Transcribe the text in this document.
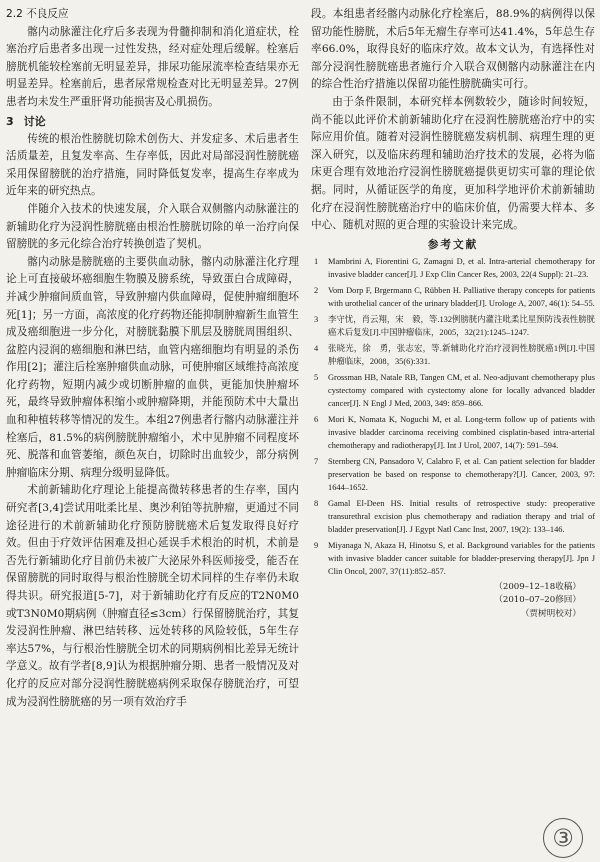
2.2 不良反应

髂内动脉灌注化疗后多表现为骨髓抑制和消化道症状，栓塞治疗后患者多出现一过性发热，经对症处理后缓解。栓塞后膀胱机能较栓塞前无明显差异，排尿功能尿流率检查结果亦无明显差异。栓塞前后，患者尿常规检查对比无明显差异。27例患者均未发生严重肝肾功能损害及心肌损伤。

3 讨论

传统的根治性膀胱切除术创伤大、并发症多、术后患者生活质量差，且复发率高、生存率低，因此对局部浸润性膀胱癌采用保留膀胱的治疗措施，同时降低复发率，提高生存率成为近年来的研究热点。

伴随介入技术的快速发展，介入联合双侧髂内动脉灌注的新辅助化疗为浸润性膀胱癌由根治性膀胱切除的单一治疗向保留膀胱的多元化综合治疗转换创造了契机。

髂内动脉是膀胱癌的主要供血动脉，髂内动脉灌注化疗理论上可直接破坏癌细胞生物膜及膀系统，导致蛋白合成障碍，并减少肿瘤间质血管，导致肿瘤内供血障碍，促使肿瘤细胞坏死[1]；另一方面，高浓度的化疗药物还能抑制肿瘤新生血管生成及癌细胞进一步分化，对膀胱黏膜下肌层及膀胱周围组织、盆腔内浸润的癌细胞和淋巴结，血管内癌细胞均有明显的杀伤作用[2]；灌注后栓塞肿瘤供血动脉，可使肿瘤区域维持高浓度化疗药物，短期内减少或切断肿瘤的血供，更能加快肿瘤坏死，最终导致肿瘤体积缩小或肿瘤降期，并能预防术中大量出血和种植转移等情况的发生。本组27例患者行髂内动脉灌注并栓塞后，81.5%的病例膀胱肿瘤缩小，术中见肿瘤不同程度坏死、脱落和血管萎缩，颜色灰白，切除时出血较少，部分病例肿瘤临床分期、病理分级明显降低。

术前新辅助化疗理论上能提高微转移患者的生存率，国内研究者[3,4]尝试用吡柔比星、奥沙利铂等抗肿瘤，更通过不同途径进行的术前新辅助化疗预防膀胱癌术后复发取得良好疗效。但由于疗效评估困难及担心延误手术根治的时机，术前是否先行新辅助化疗目前仍未被广大泌尿外科医师接受，能否在保留膀胱的同时取得与根治性膀胱全切术同样的生存率仍未取得共识。研究报道[5-7]，对于新辅助化疗有反应的T2N0M0或T3N0M0期病例（肿瘤直径≤3cm）行保留膀胱治疗，其复发浸润性肿瘤、淋巴结转移、远处转移的风险较低，5年生存率达57%，与行根治性膀胱全切术的同期病例相比差异无统计学意义。故有学者[8,9]认为根据肿瘤分期、患者一般情况及对化疗的反应对部分浸润性膀胱癌病例采取保存膀胱治疗，可望成为浸润性膀胱癌的另一项有效治疗手

段。本组患者经髂内动脉化疗栓塞后，88.9%的病例得以保留功能性膀胱，术后5年无瘤生存率可达41.4%，5年总生存率66.0%，取得良好的临床疗效。故本文认为，有选择性对部分浸润性膀胱癌患者施行介入联合双侧髂内动脉灌注在内的综合性治疗措施以保留功能性膀胱确实可行。

由于条件限制，本研究样本例数较少，随诊时间较短，尚不能以此评价术前新辅助化疗在浸润性膀胱癌治疗中的实际应用价值。随着对浸润性膀胱癌发病机制、病理生理的更深入研究，以及临床药理和辅助治疗技术的发展，必将为临床更合理有效地治疗浸润性膀胱癌提供更切实可靠的理论依据。同时，从循证医学的角度，更加科学地评价术前新辅助化疗在浸润性膀胱癌治疗中的临床价值，仍需要大样本、多中心、随机对照的更合理的实验设计来完成。

参考文献

1	Mambrini A, Fiorentini G, Zamagni D, et al. Intra-arterial chemotherapy for invasive bladder cancer[J]. J Exp Clin Cancer Res, 2003, 22(4 Suppl): 21–23.
2	Vom Dorp F, Brgermann C, Rübben H. Palliative therapy concepts for patients with urothelial cancer of the urinary bladder[J]. Urologe A, 2007, 46(1): 54–55.
3	李守忧，肖云翔，宋　毅，等.132例膀胱内灌注吡柔比星预防浅表性膀胱癌术后复发[J].中国肿瘤临床，2005，32(21):1245–1247.
4	张晓光，徐　勇，张志宏，等.新辅助化疗治疗浸润性膀胱癌1例[J].中国肿瘤临床，2008，35(6):331.
5	Grossman HB, Natale RB, Tangen CM, et al. Neo-adjuvant chemotherapy plus cystectomy compared with cystectomy alone for locally advanced bladder cancer[J]. N Engl J Med, 2003, 349: 859–866.
6	Mori K, Nomata K, Noguchi M, et al. Long-term follow up of patients with invasive bladder carcinoma receiving combined cisplatin-based intra-arterial chemotherapy and radiotherapy[J]. Int J Urol, 2007, 14(7): 591–594.
7	Sternberg CN, Pansadoro V, Calabro F, et al. Can patient selection for bladder preservation be based on response to chemotherapy?[J]. Cancer, 2003, 97: 1644–1652.
8	Gamal El-Deen HS. Initial results of retrospective study: preoperative transurethral excision plus chemotherapy and radiation therapy and trial of bladder preservation[J]. J Egypt Natl Canc Inst, 2007, 19(2): 133–146.
9	Miyanaga N, Akaza H, Hinotsu S, et al. Background variables for the patients with invasive bladder cancer suitable for bladder-preserving therapy[J]. Jpn J Clin Oncol, 2007, 37(11):852–857.
（2009–12–18收稿）
（2010–07–20修回）
（贾树明校对）
③
